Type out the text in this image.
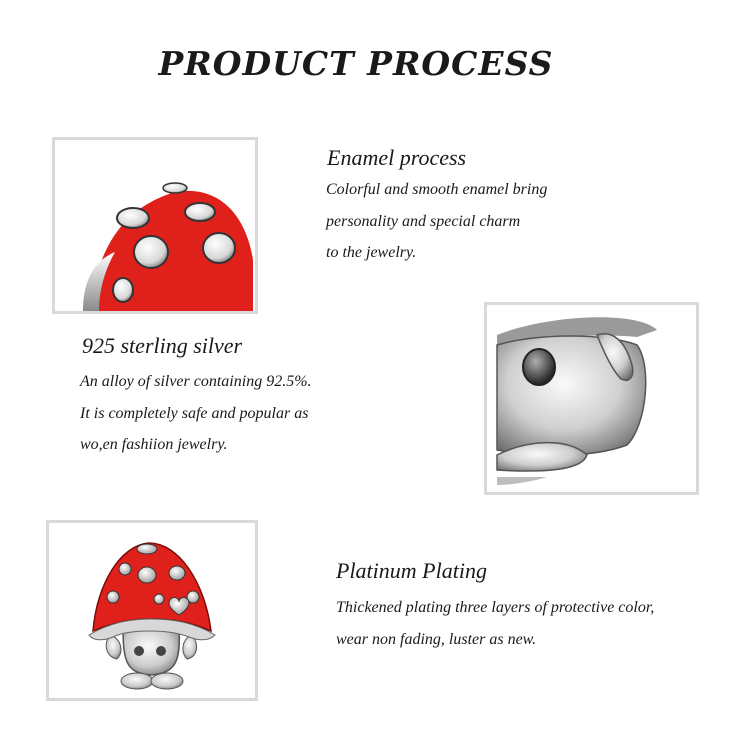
PRODUCT PROCESS
Enamel process
Colorful and smooth enamel bring
personality and special charm
to the jewelry.
925 sterling silver
An alloy of silver containing 92.5%.
It is completely safe and popular as
wo,en fashiion jewelry.
Platinum Plating
Thickened plating three layers of protective color,
wear non fading, luster as new.
